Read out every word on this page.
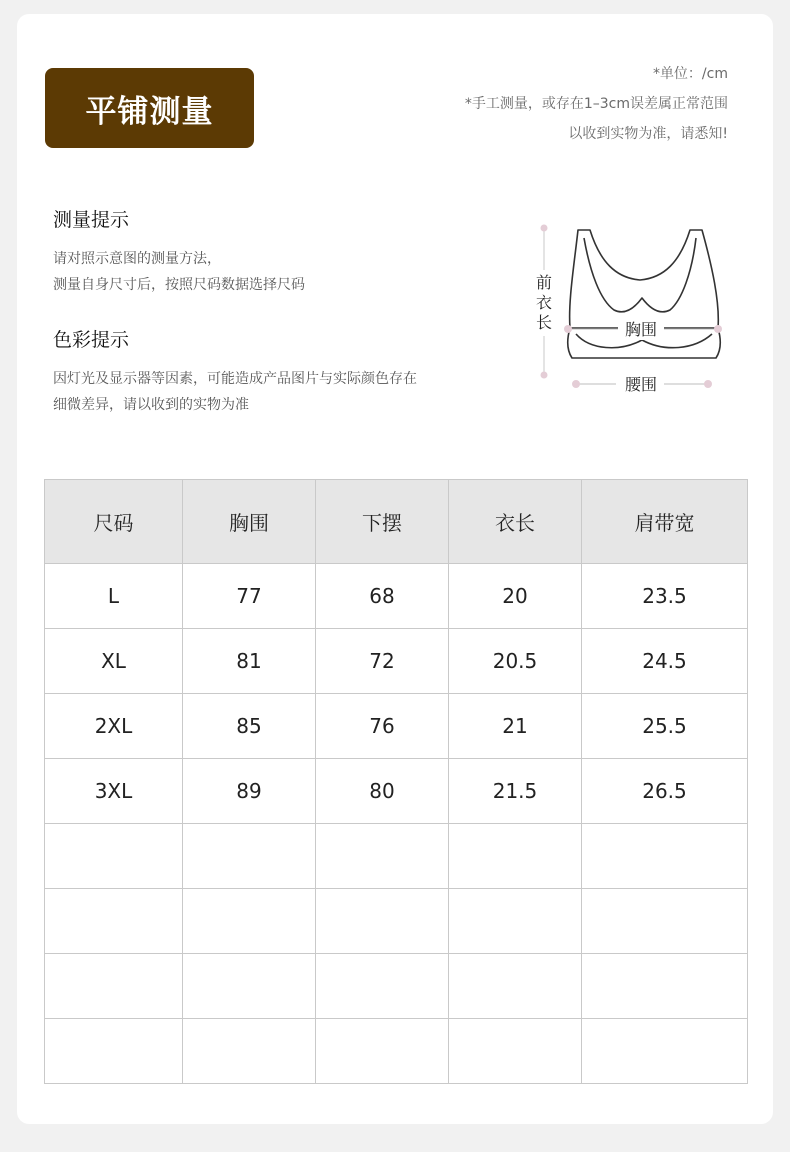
平铺测量
*单位：/cm
*手工测量，或存在1–3cm误差属正常范围
以收到实物为准，请悉知!
测量提示
请对照示意图的测量方法，
测量自身尺寸后，按照尺码数据选择尺码
色彩提示
因灯光及显示器等因素，可能造成产品图片与实际颜色存在
细微差异，请以收到的实物为准
前
衣
长	胸围
腰围
尺码	胸围	下摆	衣长	肩带宽
L	77	68	20	23.5
XL	81	72	20.5	24.5
2XL	85	76	21	25.5
3XL	89	80	21.5	26.5
